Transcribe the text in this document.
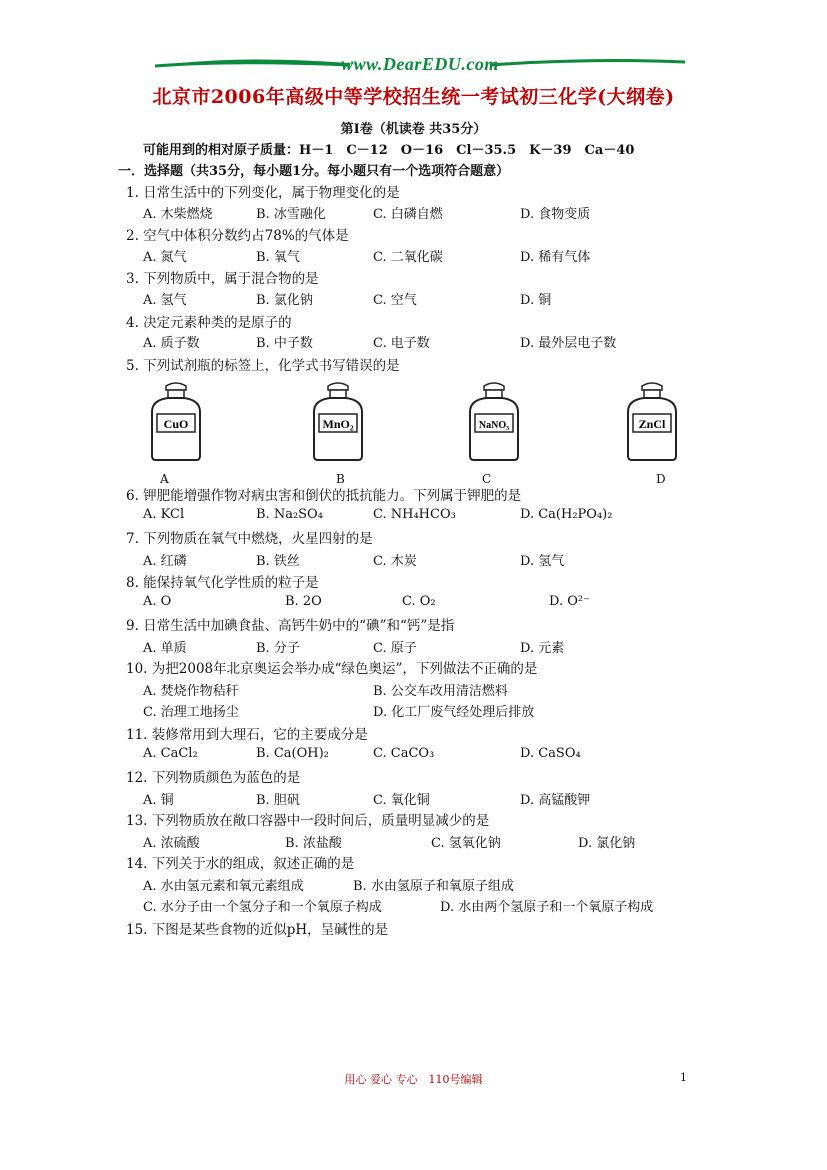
www.DearEDU.com
北京市2006年高级中等学校招生统一考试初三化学(大纲卷)
第Ⅰ卷（机读卷 共35分）
可能用到的相对原子质量：H－1　C－12　O－16　Cl－35.5　K－39　Ca－40
一．选择题（共35分，每小题1分。每小题只有一个选项符合题意）
1. 日常生活中的下列变化，属于物理变化的是
A. 木柴燃烧	B. 冰雪融化	C. 白磷自燃	D. 食物变质
2. 空气中体积分数约占78%的气体是
A. 氮气	B. 氧气	C. 二氧化碳	D. 稀有气体
3. 下列物质中，属于混合物的是
A. 氢气	B. 氯化钠	C. 空气	D. 铜
4. 决定元素种类的是原子的
A. 质子数	B. 中子数	C. 电子数	D. 最外层电子数
5. 下列试剂瓶的标签上，化学式书写错误的是
CuO	MnO₂	NaNO₃	ZnCl
A	B	C	D
6. 钾肥能增强作物对病虫害和倒伏的抵抗能力。下列属于钾肥的是
A. KCl	B. Na₂SO₄	C. NH₄HCO₃	D. Ca(H₂PO₄)₂
7. 下列物质在氧气中燃烧，火星四射的是
A. 红磷	B. 铁丝	C. 木炭	D. 氢气
8. 能保持氧气化学性质的粒子是
A. O	B. 2O	C. O₂	D. O²⁻
9. 日常生活中加碘食盐、高钙牛奶中的“碘”和“钙”是指
A. 单质	B. 分子	C. 原子	D. 元素
10. 为把2008年北京奥运会举办成“绿色奥运”，下列做法不正确的是
A. 焚烧作物秸秆	B. 公交车改用清洁燃料
C. 治理工地扬尘	D. 化工厂废气经处理后排放
11. 装修常用到大理石，它的主要成分是
A. CaCl₂	B. Ca(OH)₂	C. CaCO₃	D. CaSO₄
12. 下列物质颜色为蓝色的是
A. 铜	B. 胆矾	C. 氧化铜	D. 高锰酸钾
13. 下列物质放在敞口容器中一段时间后，质量明显减少的是
A. 浓硫酸	B. 浓盐酸	C. 氢氧化钠	D. 氯化钠
14. 下列关于水的组成，叙述正确的是
A. 水由氢元素和氧元素组成	B. 水由氢原子和氧原子组成
C. 水分子由一个氢分子和一个氧原子构成	D. 水由两个氢原子和一个氧原子构成
15. 下图是某些食物的近似pH，呈碱性的是
用心 爱心 专心　110号编辑	1
